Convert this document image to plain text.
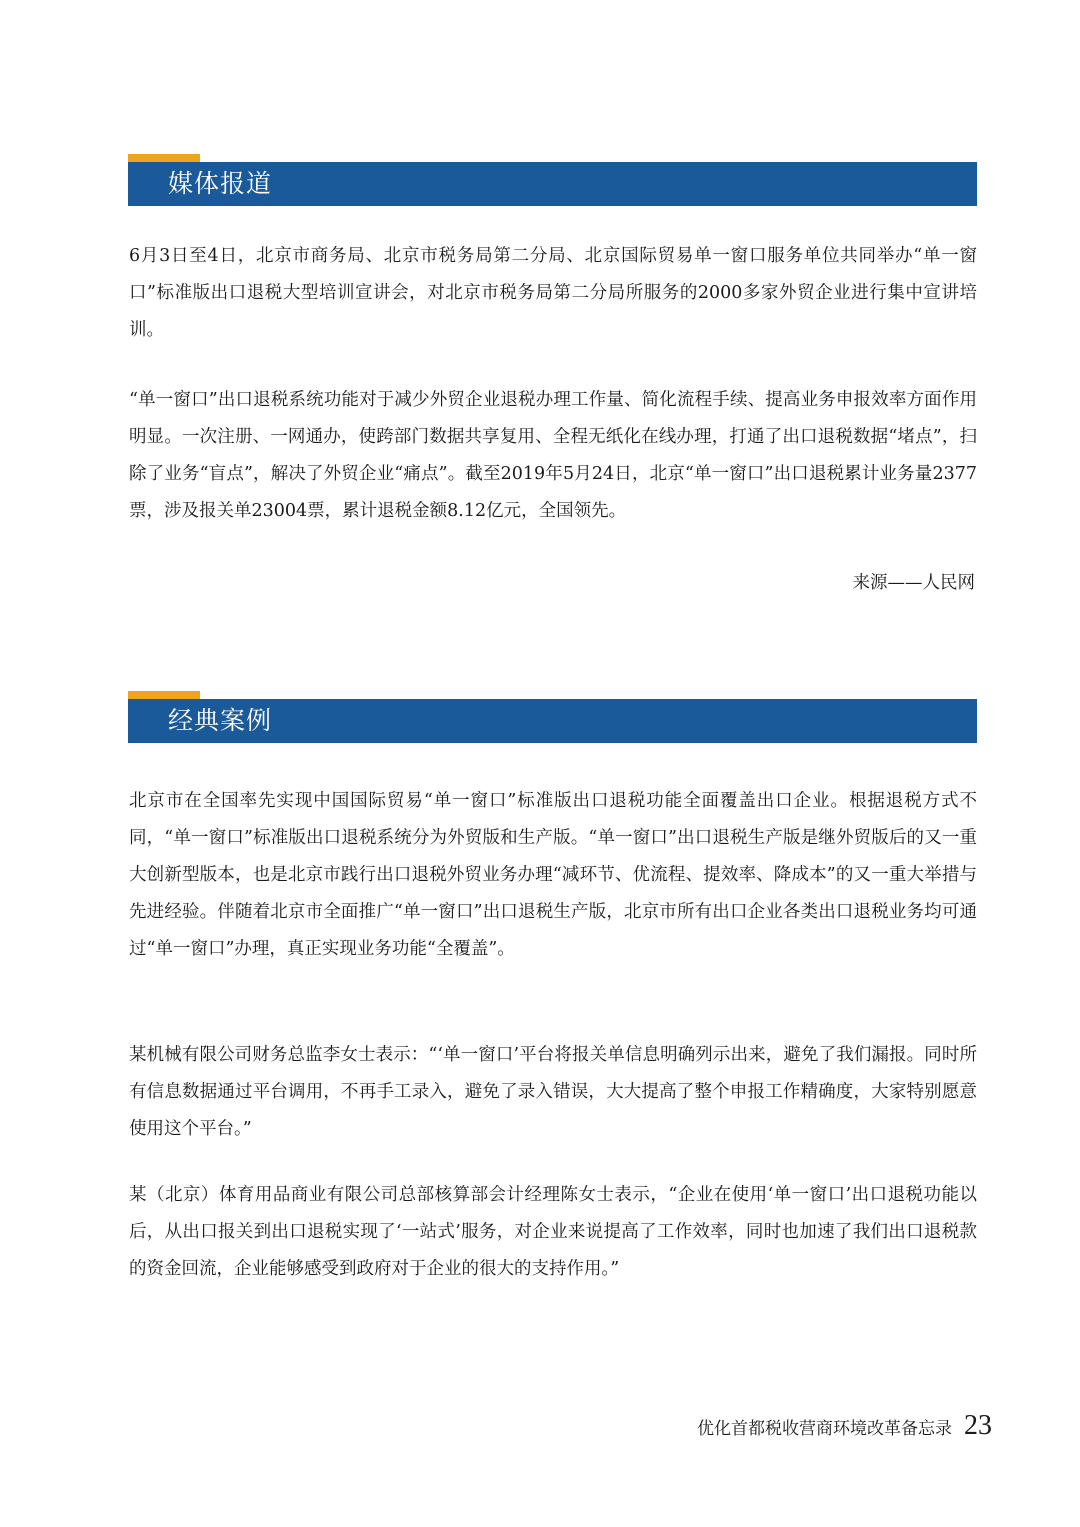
媒体报道

6月3日至4日，北京市商务局、北京市税务局第二分局、北京国际贸易单一窗口服务单位共同举办“单一窗口”标准版出口退税大型培训宣讲会，对北京市税务局第二分局所服务的2000多家外贸企业进行集中宣讲培训。

“单一窗口”出口退税系统功能对于减少外贸企业退税办理工作量、简化流程手续、提高业务申报效率方面作用明显。一次注册、一网通办，使跨部门数据共享复用、全程无纸化在线办理，打通了出口退税数据“堵点”，扫除了业务“盲点”，解决了外贸企业“痛点”。截至2019年5月24日，北京“单一窗口”出口退税累计业务量2377票，涉及报关单23004票，累计退税金额8.12亿元，全国领先。

来源——人民网

经典案例

北京市在全国率先实现中国国际贸易“单一窗口”标准版出口退税功能全面覆盖出口企业。根据退税方式不同，“单一窗口”标准版出口退税系统分为外贸版和生产版。“单一窗口”出口退税生产版是继外贸版后的又一重大创新型版本，也是北京市践行出口退税外贸业务办理“减环节、优流程、提效率、降成本”的又一重大举措与先进经验。伴随着北京市全面推广“单一窗口”出口退税生产版，北京市所有出口企业各类出口退税业务均可通过“单一窗口”办理，真正实现业务功能“全覆盖”。

某机械有限公司财务总监李女士表示：“‘单一窗口’平台将报关单信息明确列示出来，避免了我们漏报。同时所有信息数据通过平台调用，不再手工录入，避免了录入错误，大大提高了整个申报工作精确度，大家特别愿意使用这个平台。”

某（北京）体育用品商业有限公司总部核算部会计经理陈女士表示，“企业在使用‘单一窗口’出口退税功能以后，从出口报关到出口退税实现了‘一站式’服务，对企业来说提高了工作效率，同时也加速了我们出口退税款的资金回流，企业能够感受到政府对于企业的很大的支持作用。”

优化首都税收营商环境改革备忘录 23
